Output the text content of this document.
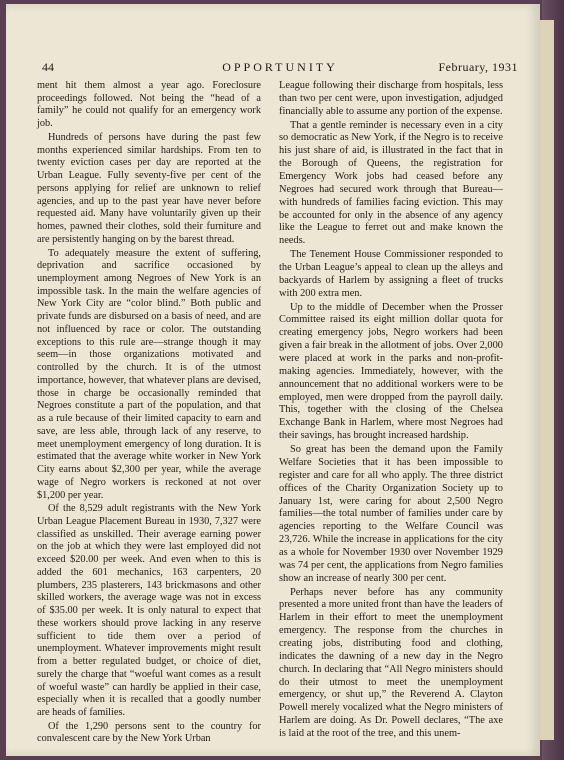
44	OPPORTUNITY	February, 1931

ment hit them almost a year ago. Foreclosure proceedings followed. Not being the “head of a family” he could not qualify for an emergency work job.

Hundreds of persons have during the past few months experienced similar hardships. From ten to twenty eviction cases per day are reported at the Urban League. Fully seventy-five per cent of the persons applying for relief are unknown to relief agencies, and up to the past year have never before requested aid. Many have voluntarily given up their homes, pawned their clothes, sold their furniture and are persistently hanging on by the barest thread.

To adequately measure the extent of suffering, deprivation and sacrifice occasioned by unemployment among Negroes of New York is an impossible task. In the main the welfare agencies of New York City are “color blind.” Both public and private funds are disbursed on a basis of need, and are not influenced by race or color. The outstanding exceptions to this rule are—strange though it may seem—in those organizations motivated and controlled by the church. It is of the utmost importance, however, that whatever plans are devised, those in charge be occasionally reminded that Negroes constitute a part of the population, and that as a rule because of their limited capacity to earn and save, are less able, through lack of any reserve, to meet unemployment emergency of long duration. It is estimated that the average white worker in New York City earns about $2,300 per year, while the average wage of Negro workers is reckoned at not over $1,200 per year.

Of the 8,529 adult registrants with the New York Urban League Placement Bureau in 1930, 7,327 were classified as unskilled. Their average earning power on the job at which they were last employed did not exceed $20.00 per week. And even when to this is added the 601 mechanics, 163 carpenters, 20 plumbers, 235 plasterers, 143 brickmasons and other skilled workers, the average wage was not in excess of $35.00 per week. It is only natural to expect that these workers should prove lacking in any reserve sufficient to tide them over a period of unemployment. Whatever improvements might result from a better regulated budget, or choice of diet, surely the charge that “woeful want comes as a result of woeful waste” can hardly be applied in their case, especially when it is recalled that a goodly number are heads of families.

Of the 1,290 persons sent to the country for convalescent care by the New York Urban

League following their discharge from hospitals, less than two per cent were, upon investigation, adjudged financially able to assume any portion of the expense.

That a gentle reminder is necessary even in a city so democratic as New York, if the Negro is to receive his just share of aid, is illustrated in the fact that in the Borough of Queens, the registration for Emergency Work jobs had ceased before any Negroes had secured work through that Bureau—with hundreds of families facing eviction. This may be accounted for only in the absence of any agency like the League to ferret out and make known the needs.

The Tenement House Commissioner responded to the Urban League’s appeal to clean up the alleys and backyards of Harlem by assigning a fleet of trucks with 200 extra men.

Up to the middle of December when the Prosser Committee raised its eight million dollar quota for creating emergency jobs, Negro workers had been given a fair break in the allotment of jobs. Over 2,000 were placed at work in the parks and non-profit-making agencies. Immediately, however, with the announcement that no additional workers were to be employed, men were dropped from the payroll daily. This, together with the closing of the Chelsea Exchange Bank in Harlem, where most Negroes had their savings, has brought increased hardship.

So great has been the demand upon the Family Welfare Societies that it has been impossible to register and care for all who apply. The three district offices of the Charity Organization Society up to January 1st, were caring for about 2,500 Negro families—the total number of families under care by agencies reporting to the Welfare Council was 23,726. While the increase in applications for the city as a whole for November 1930 over November 1929 was 74 per cent, the applications from Negro families show an increase of nearly 300 per cent.

Perhaps never before has any community presented a more united front than have the leaders of Harlem in their effort to meet the unemployment emergency. The response from the churches in creating jobs, distributing food and clothing, indicates the dawning of a new day in the Negro church. In declaring that “All Negro ministers should do their utmost to meet the unemployment emergency, or shut up,” the Reverend A. Clayton Powell merely vocalized what the Negro ministers of Harlem are doing. As Dr. Powell declares, “The axe is laid at the root of the tree, and this unem-
